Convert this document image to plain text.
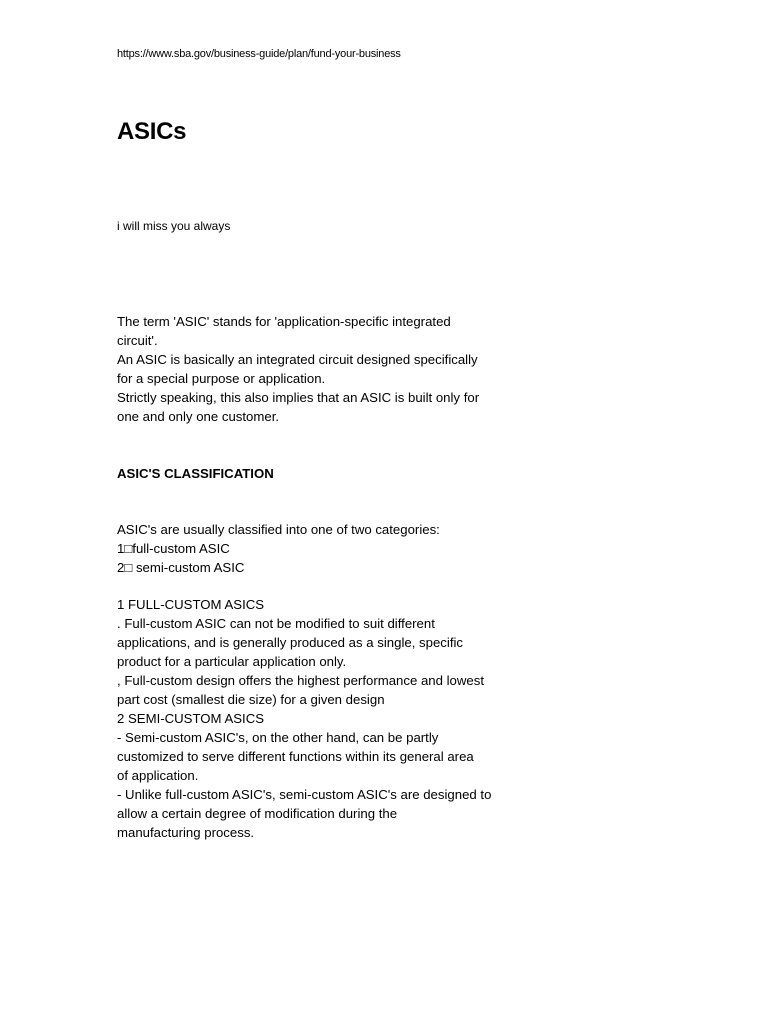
https://www.sba.gov/business-guide/plan/fund-your-business
ASICs
i will miss you always
The term 'ASIC' stands for 'application-specific integrated
circuit'.
An ASIC is basically an integrated circuit designed specifically
for a special purpose or application.
Strictly speaking, this also implies that an ASIC is built only for
one and only one customer.
ASIC'S CLASSIFICATION
ASIC's are usually classified into one of two categories:
1□full-custom ASIC
2□ semi-custom ASIC
1 FULL-CUSTOM ASICS
. Full-custom ASIC can not be modified to suit different
applications, and is generally produced as a single, specific
product for a particular application only.
, Full-custom design offers the highest performance and lowest
part cost (smallest die size) for a given design
2 SEMI-CUSTOM ASICS
- Semi-custom ASIC's, on the other hand, can be partly
customized to serve different functions within its general area
of application.
- Unlike full-custom ASIC's, semi-custom ASIC's are designed to
allow a certain degree of modification during the
manufacturing process.
